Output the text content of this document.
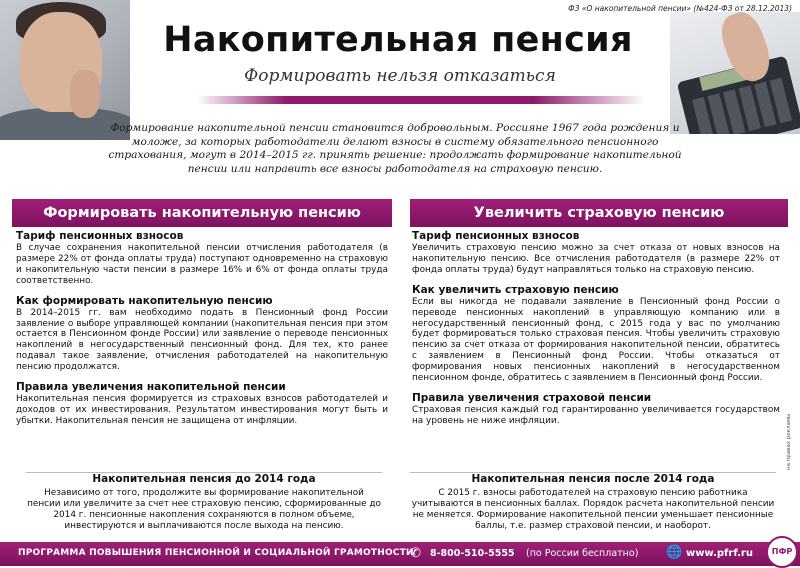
ФЗ «О накопительной пенсии» (№424-ФЗ от 28.12.2013)
Накопительная пенсия
Формировать нельзя отказаться
Формирование накопительной пенсии становится добровольным. Россияне 1967 года рождения и моложе, за которых работодатели делают взносы в систему обязательного пенсионного страхования, могут в 2014–2015 гг. принять решение: продолжать формирование накопительной пенсии или направить все взносы работодателя на страховую пенсию.
Формировать накопительную пенсию	Увеличить страховую пенсию
Тариф пенсионных взносов

В случае сохранения накопительной пенсии отчисления работодателя (в размере 22% от фонда оплаты труда) поступают одновременно на страховую и накопительную части пенсии в размере 16% и 6% от фонда оплаты труда соответственно.

Как формировать накопительную пенсию

В 2014–2015 гг. вам необходимо подать в Пенсионный фонд России заявление о выборе управляющей компании (накопительная пенсия при этом остается в Пенсионном фонде России) или заявление о переводе пенсионных накоплений в негосударственный пенсионный фонд. Для тех, кто ранее подавал такое заявление, отчисления работодателей на накопительную пенсию продолжатся.

Правила увеличения накопительной пенсии

Накопительная пенсия формируется из страховых взносов работодателей и доходов от их инвестирования. Результатом инвестирования могут быть и убытки. Накопительная пенсия не защищена от инфляции.

Тариф пенсионных взносов

Увеличить страховую пенсию можно за счет отказа от новых взносов на накопительную пенсию. Все отчисления работодателя (в размере 22% от фонда оплаты труда) будут направляться только на страховую пенсию.

Как увеличить страховую пенсию

Если вы никогда не подавали заявление в Пенсионный фонд России о переводе пенсионных накоплений в управляющую компанию или в негосударственный пенсионный фонд, с 2015 года у вас по умолчанию будет формироваться только страховая пенсия. Чтобы увеличить страховую пенсию за счет отказа от формирования накопительной пенсии, обратитесь с заявлением в Пенсионный фонд России. Чтобы отказаться от формирования новых пенсионных накоплений в негосударственном пенсионном фонде, обратитесь с заявлением в Пенсионный фонд России.

Правила увеличения страховой пенсии

Страховая пенсия каждый год гарантированно увеличивается государством на уровень не ниже инфляции.	на правах рекламы
Накопительная пенсия до 2014 года
Независимо от того, продолжите вы формирование накопительной пенсии или увеличите за счет нее страховую пенсию, сформированные до 2014 г. пенсионные накопления сохраняются в полном объеме, инвестируются и выплачиваются после выхода на пенсию.
Накопительная пенсия после 2014 года
С 2015 г. взносы работодателей на страховую пенсию работника учитываются в пенсионных баллах. Порядок расчета накопительной пенсии не меняется. Формирование накопительной пенсии уменьшает пенсионные баллы, т.е. размер страховой пенсии, и наоборот.
ПРОГРАММА ПОВЫШЕНИЯ ПЕНСИОННОЙ И СОЦИАЛЬНОЙ ГРАМОТНОСТИ
✆ 8-800-510-5555 (по России бесплатно) 🌐 www.pfrf.ru	ПФР
